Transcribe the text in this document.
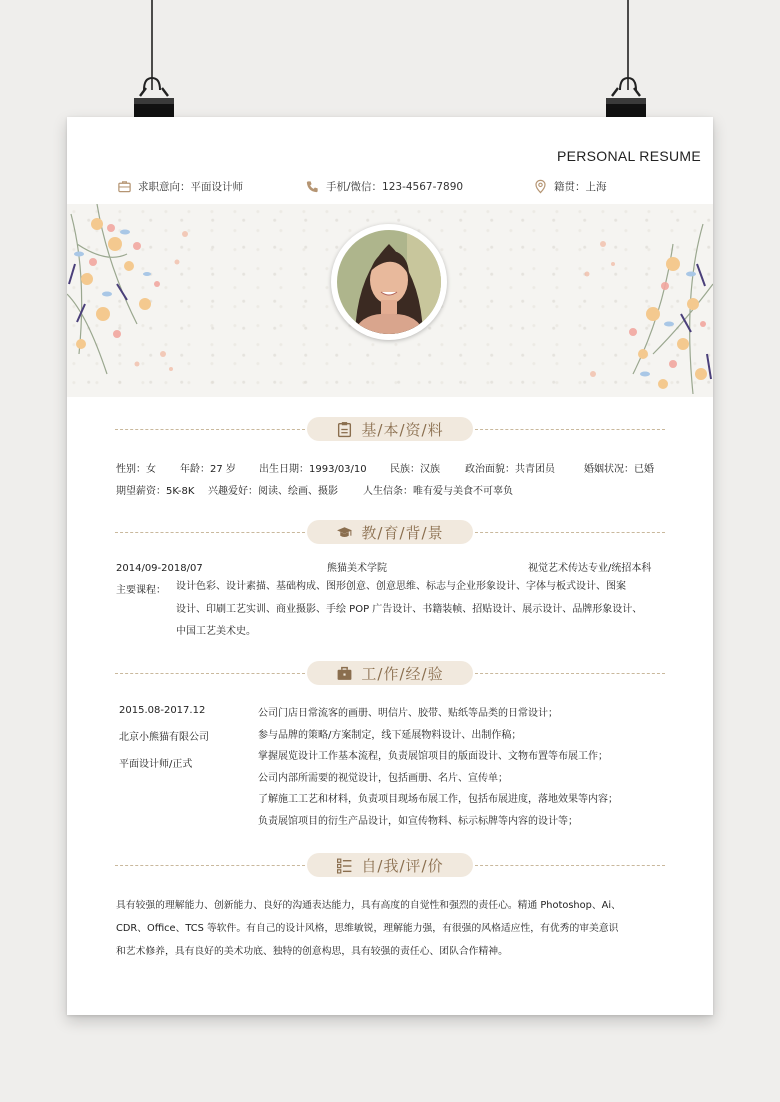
PERSONAL RESUME
求职意向：平面设计师	手机/微信：123-4567-7890	籍贯：上海
基/本/资/料
性别：女 年龄：27 岁 出生日期：1993/03/10 民族：汉族	政治面貌：共青团员	婚姻状况：已婚
期望薪资：5K-8K 兴趣爱好：阅读、绘画、摄影	人生信条：唯有爱与美食不可辜负
教/育/背/景
2014/09-2018/07	熊猫美术学院	视觉艺术传达专业/统招本科
主要课程： 设计色彩、设计素描、基础构成、图形创意、创意思维、标志与企业形象设计、字体与板式设计、图案
设计、印刷工艺实训、商业摄影、手绘 POP 广告设计、书籍装帧、招贴设计、展示设计、品牌形象设计、
中国工艺美术史。
工/作/经/验
2015.08-2017.12
北京小熊猫有限公司
平面设计师/正式
公司门店日常流客的画册、明信片、胶带、贴纸等品类的日常设计；
参与品牌的策略/方案制定，线下延展物料设计、出制作稿；
掌握展览设计工作基本流程，负责展馆项目的版面设计、文物布置等布展工作；
公司内部所需要的视觉设计，包括画册、名片、宣传单；
了解施工工艺和材料，负责项目现场布展工作，包括布展进度，落地效果等内容；
负责展馆项目的衍生产品设计，如宣传物料、标示标牌等内容的设计等；
自/我/评/价
具有较强的理解能力、创新能力、良好的沟通表达能力，具有高度的自觉性和强烈的责任心。精通 Photoshop、Ai、
CDR、Office、TCS 等软件。有自己的设计风格，思维敏锐，理解能力强，有很强的风格适应性，有优秀的审美意识
和艺术修养，具有良好的美术功底、独特的创意构思，具有较强的责任心、团队合作精神。
